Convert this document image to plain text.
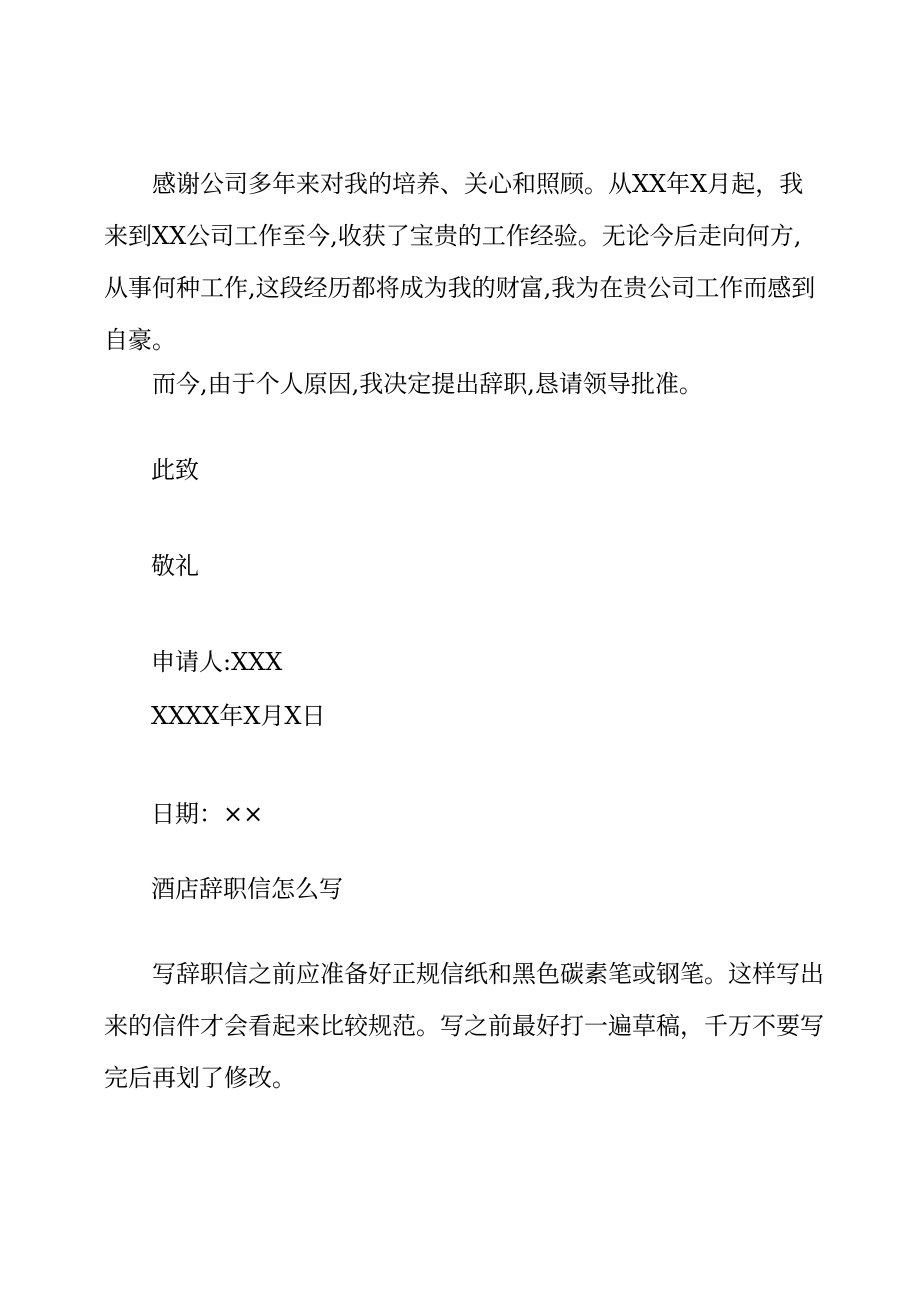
感谢公司多年来对我的培养、关心和照顾。从XX年X月起，我来到XX公司工作至今,收获了宝贵的工作经验。无论今后走向何方,从事何种工作,这段经历都将成为我的财富,我为在贵公司工作而感到自豪。

而今,由于个人原因,我决定提出辞职,恳请领导批准。

此致

敬礼

申请人:XXX

XXXX年X月X日

日期：××

酒店辞职信怎么写

写辞职信之前应准备好正规信纸和黑色碳素笔或钢笔。这样写出来的信件才会看起来比较规范。写之前最好打一遍草稿，千万不要写完后再划了修改。
